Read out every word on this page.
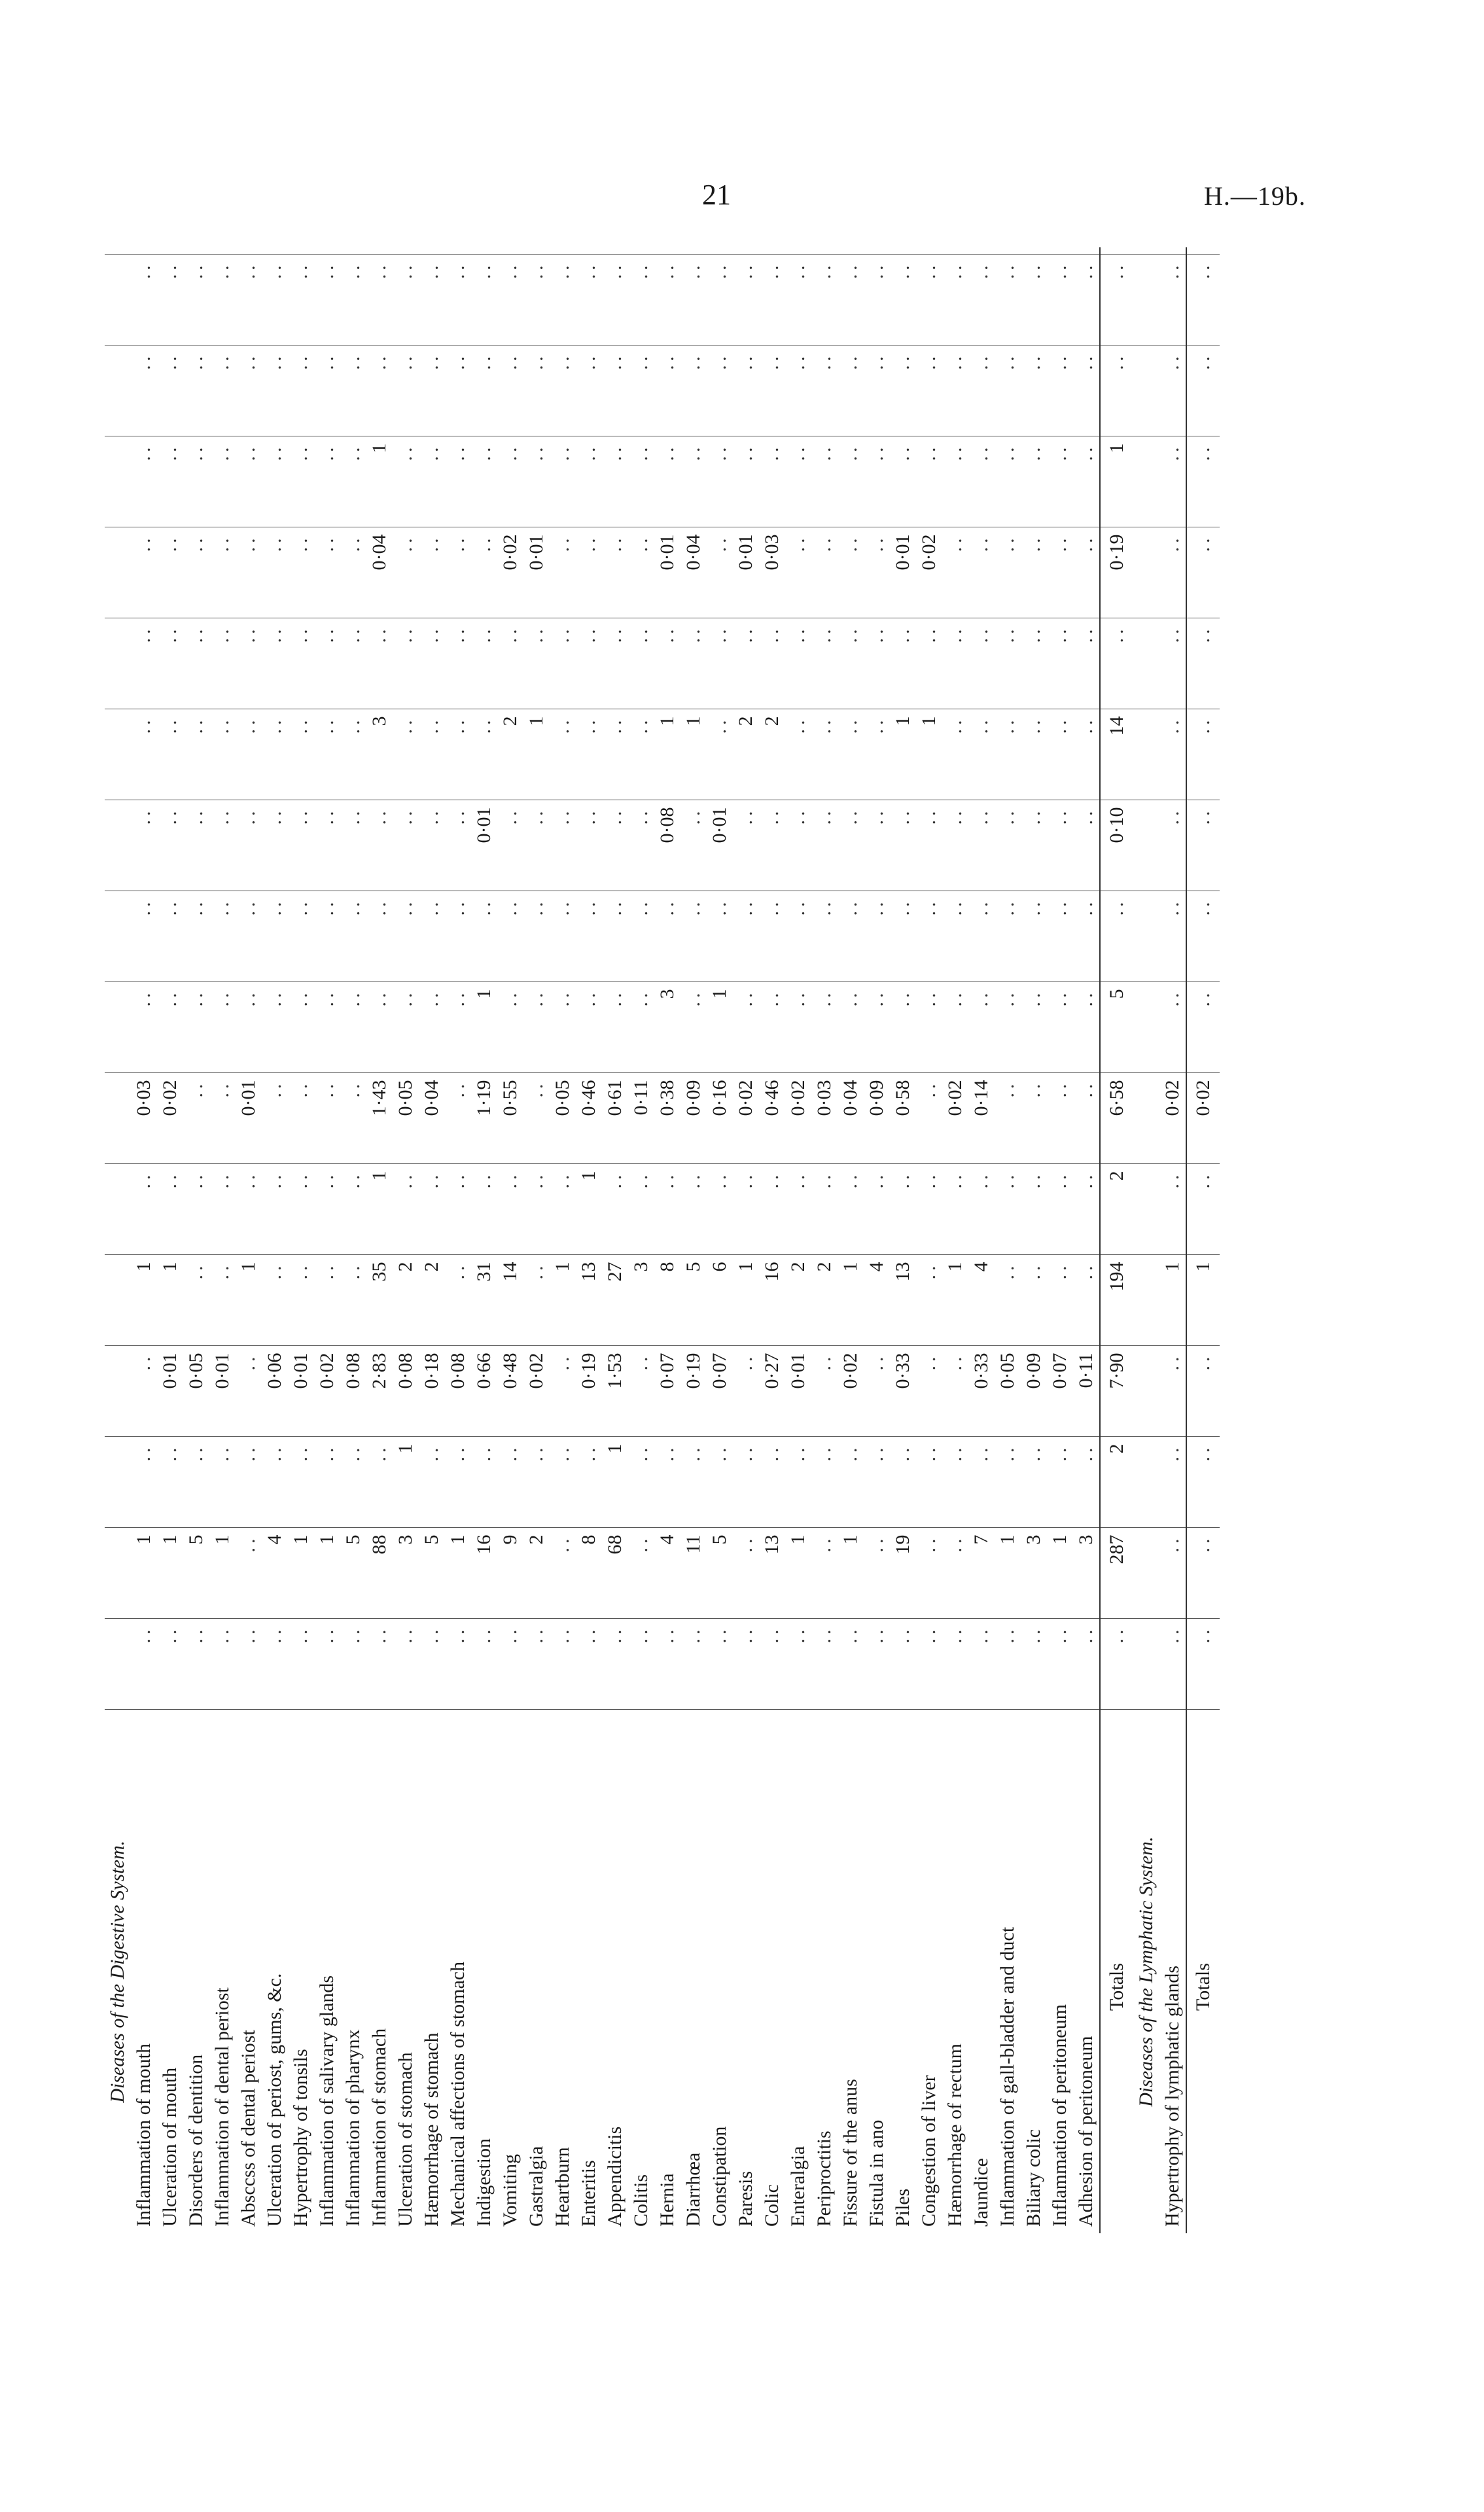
21	H.—19b.
Diseases of the Digestive System.																					
Inflammation of mouth	..	1	..	..	1	..	0·03	..	..	..	..	..	..	..	..	..					
Ulceration of mouth	..	1	..	0·01	1	..	0·02	..	..	..	..	..	..	..	..	..					
Disorders of dentition	..	5	..	0·05	..	..	..	..	..	..	..	..	..	..	..	..					
Inflammation of dental periost	..	1	..	0·01	..	..	..	..	..	..	..	..	..	..	..	..					
Absccss of dental periost	..	..	..	..	1	..	0·01	..	..	..	..	..	..	..	..	..					
Ulceration of periost, gums, &c.	..	4	..	0·06	..	..	..	..	..	..	..	..	..	..	..	..					
Hypertrophy of tonsils	..	1	..	0·01	..	..	..	..	..	..	..	..	..	..	..	..					
Inflammation of salivary glands	..	1	..	0·02	..	..	..	..	..	..	..	..	..	..	..	..					
Inflammation of pharynx	..	5	..	0·08	..	..	..	..	..	..	..	..	..	..	..	..					
Inflammation of stomach	..	88	..	2·83	35	1	1·43	..	..	..	3	..	0·04	1	..	..					
Ulceration of stomach	..	3	1	0·08	2	..	0·05	..	..	..	..	..	..	..	..	..					
Hæmorrhage of stomach	..	5	..	0·18	2	..	0·04	..	..	..	..	..	..	..	..	..					
Mechanical affections of stomach	..	1	..	0·08	..	..	..	..	..	..	..	..	..	..	..	..					
Indigestion	..	16	..	0·66	31	..	1·19	1	..	0·01	..	..	..	..	..	..					
Vomiting	..	9	..	0·48	14	..	0·55	..	..	..	2	..	0·02	..	..	..					
Gastralgia	..	2	..	0·02	..	..	..	..	..	..	1	..	0·01	..	..	..					
Heartburn	..	..	..	..	1	..	0·05	..	..	..	..	..	..	..	..	..					
Enteritis	..	8	..	0·19	13	1	0·46	..	..	..	..	..	..	..	..	..					
Appendicitis	..	68	1	1·53	27	..	0·61	..	..	..	..	..	..	..	..	..					
Colitis	..	..	..	..	3	..	0·11	..	..	..	..	..	..	..	..	..					
Hernia	..	4	..	0·07	8	..	0·38	3	..	0·08	1	..	0·01	..	..	..					
Diarrhœa	..	11	..	0·19	5	..	0·09	..	..	..	1	..	0·04	..	..	..					
Constipation	..	5	..	0·07	6	..	0·16	1	..	0·01	..	..	..	..	..	..					
Paresis	..	..	..	..	1	..	0·02	..	..	..	2	..	0·01	..	..	..					
Colic	..	13	..	0·27	16	..	0·46	..	..	..	2	..	0·03	..	..	..					
Enteralgia	..	1	..	0·01	2	..	0·02	..	..	..	..	..	..	..	..	..					
Periproctitis	..	..	..	..	2	..	0·03	..	..	..	..	..	..	..	..	..					
Fissure of the anus	..	1	..	0·02	1	..	0·04	..	..	..	..	..	..	..	..	..					
Fistula in ano	..	..	..	..	4	..	0·09	..	..	..	..	..	..	..	..	..					
Piles	..	19	..	0·33	13	..	0·58	..	..	..	1	..	0·01	..	..	..					
Congestion of liver	..	..	..	..	..	..	..	..	..	..	1	..	0·02	..	..	..					
Hæmorrhage of rectum	..	..	..	..	1	..	0·02	..	..	..	..	..	..	..	..	..					
Jaundice	..	7	..	0·33	4	..	0·14	..	..	..	..	..	..	..	..	..					
Inflammation of gall-bladder and duct	..	1	..	0·05	..	..	..	..	..	..	..	..	..	..	..	..					
Biliary colic	..	3	..	0·09	..	..	..	..	..	..	..	..	..	..	..	..					
Inflammation of peritoneum	..	1	..	0·07	..	..	..	..	..	..	..	..	..	..	..	..					
Adhesion of peritoneum	..	3	..	0·11	..	..	..	..	..	..	..	..	..	..	..	..					
Totals	..	287	2	7·90	194	2	6·58	5	..	0·10	14	..	0·19	1	..	..					
Diseases of the Lymphatic System.																					
Hypertrophy of lymphatic glands	..	..	..	..	1	..	0·02	..	..	..	..	..	..	..	..	..					
Totals	..	..	..	..	1	..	0·02	..	..	..	..	..	..	..	..	..					
